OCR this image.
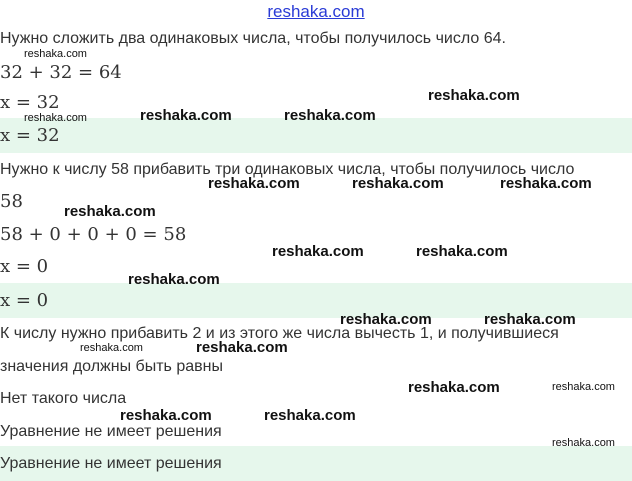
reshaka.com
Нужно сложить два одинаковых числа, чтобы получилось число 64.
32 + 32 = 64
x = 32
x = 32
Нужно к числу 58 прибавить три одинаковых числа, чтобы получилось число
58
58 + 0 + 0 + 0 = 58
x = 0
x = 0
К числу нужно прибавить 2 и из этого же числа вычесть 1, и получившиеся
значения должны быть равны
Нет такого числа
Уравнение не имеет решения
Уравнение не имеет решения
reshaka.com
reshaka.com	reshaka.com	reshaka.com
reshaka.com
reshaka.com	reshaka.com	reshaka.com
reshaka.com
reshaka.com	reshaka.com
reshaka.com
reshaka.com	reshaka.com
reshaka.com	reshaka.com
reshaka.com	reshaka.com
reshaka.com	reshaka.com
reshaka.com
